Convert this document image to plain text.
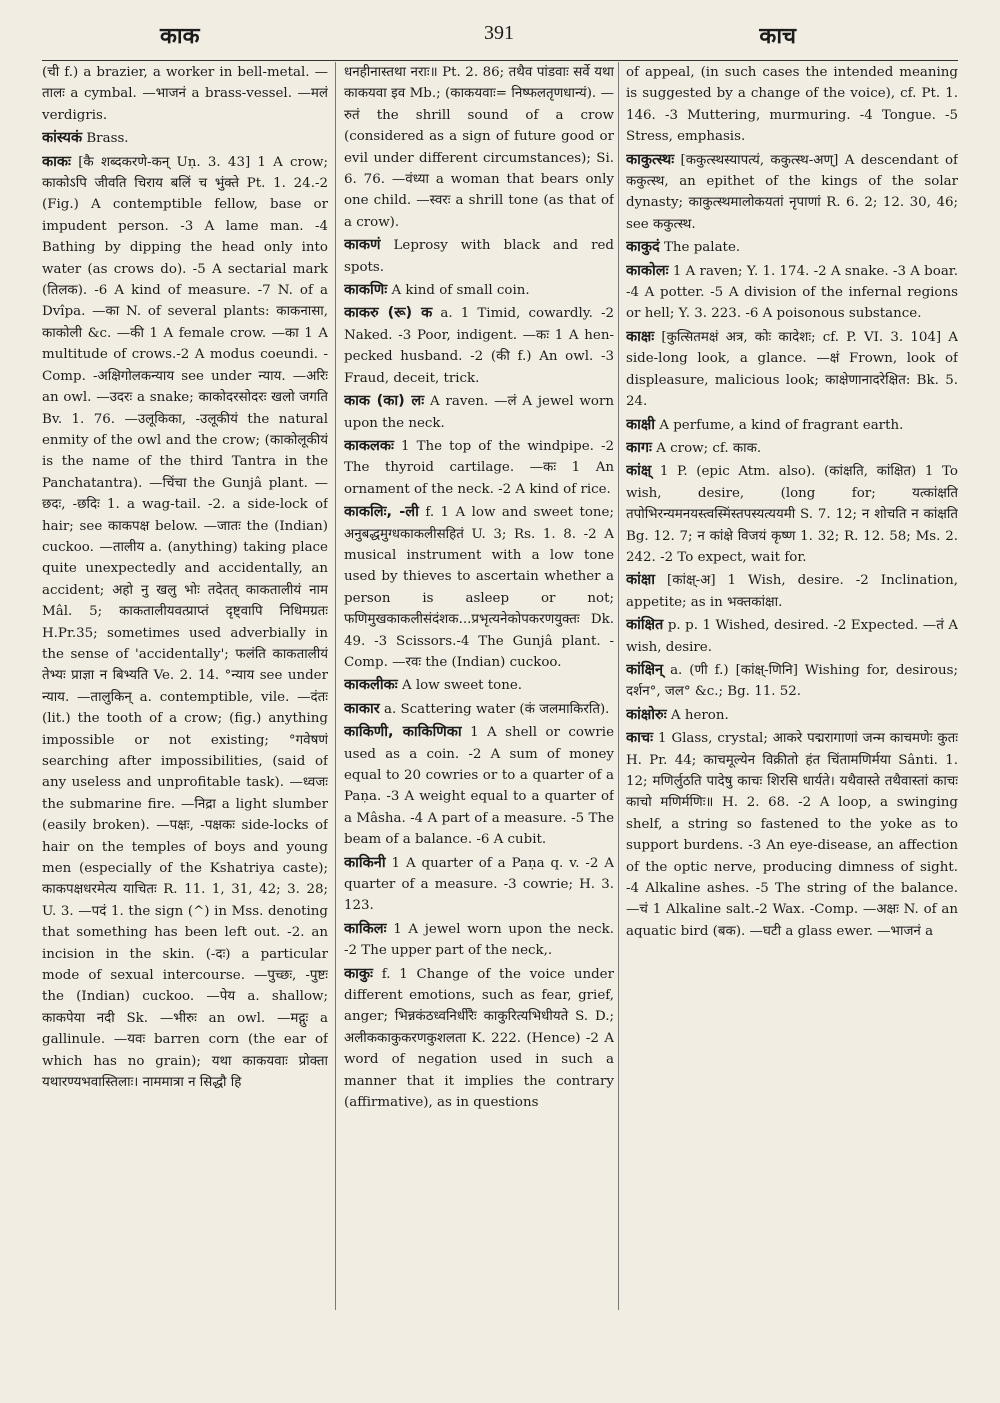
काक	391	काच
(ची f.) a brazier, a worker in bell-metal. —तालः a cymbal. —भाजनं a brass-vessel. —मलं verdigris.
कांस्यकं Brass.
काकः [कै शब्दकरणे-कन् Uṇ. 3. 43] 1 A crow; काकोऽपि जीवति चिराय बलिं च भुंक्ते Pt. 1. 24.-2 (Fig.) A contemptible fellow, base or impudent person. -3 A lame man. -4 Bathing by dipping the head only into water (as crows do). -5 A sectarial mark (तिलक). -6 A kind of measure. -7 N. of a Dvîpa. —का N. of several plants: काकनासा, काकोली &c. —की 1 A female crow. —का 1 A multitude of crows.-2 A modus coeundi. -Comp. -अक्षिगोलकन्याय see under न्याय. —अरिः an owl. —उदरः a snake; काकोदरसोदरः खलो जगति Bv. 1. 76. —उलूकिका, -उलूकीयं the natural enmity of the owl and the crow; (काकोलूकीयं is the name of the third Tantra in the Panchatantra). —चिंचा the Gunjâ plant. —छदः, -छदिः 1. a wag-tail. -2. a side-lock of hair; see काकपक्ष below. —जातः the (Indian) cuckoo. —तालीय a. (anything) taking place quite unexpectedly and accidentally, an accident; अहो नु खलु भोः तदेतत् काकतालीयं नाम Mâl. 5; काकतालीयवत्प्राप्तं दृष्ट्वापि निधिमग्रतः H.Pr.35; sometimes used adverbially in the sense of 'accidentally'; फलंति काकतालीयं तेभ्यः प्राज्ञा न बिभ्यति Ve. 2. 14. °न्याय see under न्याय. —तालुकिन् a. contemptible, vile. —दंतः (lit.) the tooth of a crow; (fig.) anything impossible or not existing; °गवेषणं searching after impossibilities, (said of any useless and unprofitable task). —ध्वजः the submarine fire. —निद्रा a light slumber (easily broken). —पक्षः, -पक्षकः side-locks of hair on the temples of boys and young men (especially of the Kshatriya caste); काकपक्षधरमेत्य याचितः R. 11. 1, 31, 42; 3. 28; U. 3. —पदं 1. the sign (^) in Mss. denoting that something has been left out. -2. an incision in the skin. (-दः) a particular mode of sexual intercourse. —पुच्छः, -पुष्टः the (Indian) cuckoo. —पेय a. shallow; काकपेया नदी Sk. —भीरुः an owl. —मद्गुः a gallinule. —यवः barren corn (the ear of which has no grain); यथा काकयवाः प्रोक्ता यथारण्यभवास्तिलाः। नाममात्रा न सिद्धौ हि
धनहीनास्तथा नराः॥ Pt. 2. 86; तथैव पांडवाः सर्वे यथा काकयवा इव Mb.; (काकयवाः= निष्फलतृणधान्यं). —रुतं the shrill sound of a crow (considered as a sign of future good or evil under different circumstances); Si. 6. 76. —वंध्या a woman that bears only one child. —स्वरः a shrill tone (as that of a crow).
काकणं Leprosy with black and red spots.
काकणिः A kind of small coin.
काकरु (रू) क a. 1 Timid, cowardly. -2 Naked. -3 Poor, indigent. —कः 1 A hen-pecked husband. -2 (की f.) An owl. -3 Fraud, deceit, trick.
काक (का) लः A raven. —लं A jewel worn upon the neck.
काकलकः 1 The top of the windpipe. -2 The thyroid cartilage. —कः 1 An ornament of the neck. -2 A kind of rice.
काकलिः, -ली f. 1 A low and sweet tone; अनुबद्धमुग्धकाकलीसहितं U. 3; Rs. 1. 8. -2 A musical instrument with a low tone used by thieves to ascertain whether a person is asleep or not; फणिमुखकाकलीसंदंशक...प्रभृत्यनेकोपकरणयुक्तः Dk. 49. -3 Scissors.-4 The Gunjâ plant. -Comp. —रवः the (Indian) cuckoo.
काकलीकः A low sweet tone.
काकार a. Scattering water (कं जलमाकिरति).
काकिणी, काकिणिका 1 A shell or cowrie used as a coin. -2 A sum of money equal to 20 cowries or to a quarter of a Paṇa. -3 A weight equal to a quarter of a Mâsha. -4 A part of a measure. -5 The beam of a balance. -6 A cubit.
काकिनी 1 A quarter of a Paṇa q. v. -2 A quarter of a measure. -3 cowrie; H. 3. 123.
काकिलः 1 A jewel worn upon the neck. -2 The upper part of the neck,.
काकुः f. 1 Change of the voice under different emotions, such as fear, grief, anger; भिन्नकंठध्वनिर्धीरैः काकुरित्यभिधीयते S. D.; अलीककाकुकरणकुशलता K. 222. (Hence) -2 A word of negation used in such a manner that it implies the contrary (affirmative), as in questions
of appeal, (in such cases the intended meaning is suggested by a change of the voice), cf. Pt. 1. 146. -3 Muttering, murmuring. -4 Tongue. -5 Stress, emphasis.
काकुत्स्थः [ककुत्स्थस्यापत्यं, ककुत्स्थ-अण्] A descendant of ककुत्स्थ, an epithet of the kings of the solar dynasty; काकुत्स्थमालोकयतां नृपाणां R. 6. 2; 12. 30, 46; see ककुत्स्थ.
काकुदं The palate.
काकोलः 1 A raven; Y. 1. 174. -2 A snake. -3 A boar. -4 A potter. -5 A division of the infernal regions or hell; Y. 3. 223. -6 A poisonous substance.
काक्षः [कुत्सितमक्षं अत्र, कोः कादेशः; cf. P. VI. 3. 104] A side-long look, a glance. —क्षं Frown, look of displeasure, malicious look; काक्षेणानादरेक्षित: Bk. 5. 24.
काक्षी A perfume, a kind of fragrant earth.
कागः A crow; cf. काक.
कांक्ष् 1 P. (epic Atm. also). (कांक्षति, कांक्षित) 1 To wish, desire, (long for; यत्कांक्षति तपोभिरन्यमनयस्त्वस्मिंस्तपस्यत्ययमी S. 7. 12; न शोचति न कांक्षति Bg. 12. 7; न कांक्षे विजयं कृष्ण 1. 32; R. 12. 58; Ms. 2. 242. -2 To expect, wait for.
कांक्षा [कांक्ष्-अ] 1 Wish, desire. -2 Inclination, appetite; as in भक्तकांक्षा.
कांक्षित p. p. 1 Wished, desired. -2 Expected. —तं A wish, desire.
कांक्षिन् a. (णी f.) [कांक्ष्-णिनि] Wishing for, desirous; दर्शन°, जल° &c.; Bg. 11. 52.
कांक्षोरुः A heron.
काचः 1 Glass, crystal; आकरे पद्मरागाणां जन्म काचमणेः कुतः H. Pr. 44; काचमूल्येन विक्रीतो हंत चिंतामणिर्मया Sânti. 1. 12; मणिर्लुठति पादेषु काचः शिरसि धार्यते। यथैवास्ते तथैवास्तां काचः काचो मणिर्मणिः॥ H. 2. 68. -2 A loop, a swinging shelf, a string so fastened to the yoke as to support burdens. -3 An eye-disease, an affection of the optic nerve, producing dimness of sight. -4 Alkaline ashes. -5 The string of the balance. —चं 1 Alkaline salt.-2 Wax. -Comp. —अक्षः N. of an aquatic bird (बक). —घटी a glass ewer. —भाजनं a
